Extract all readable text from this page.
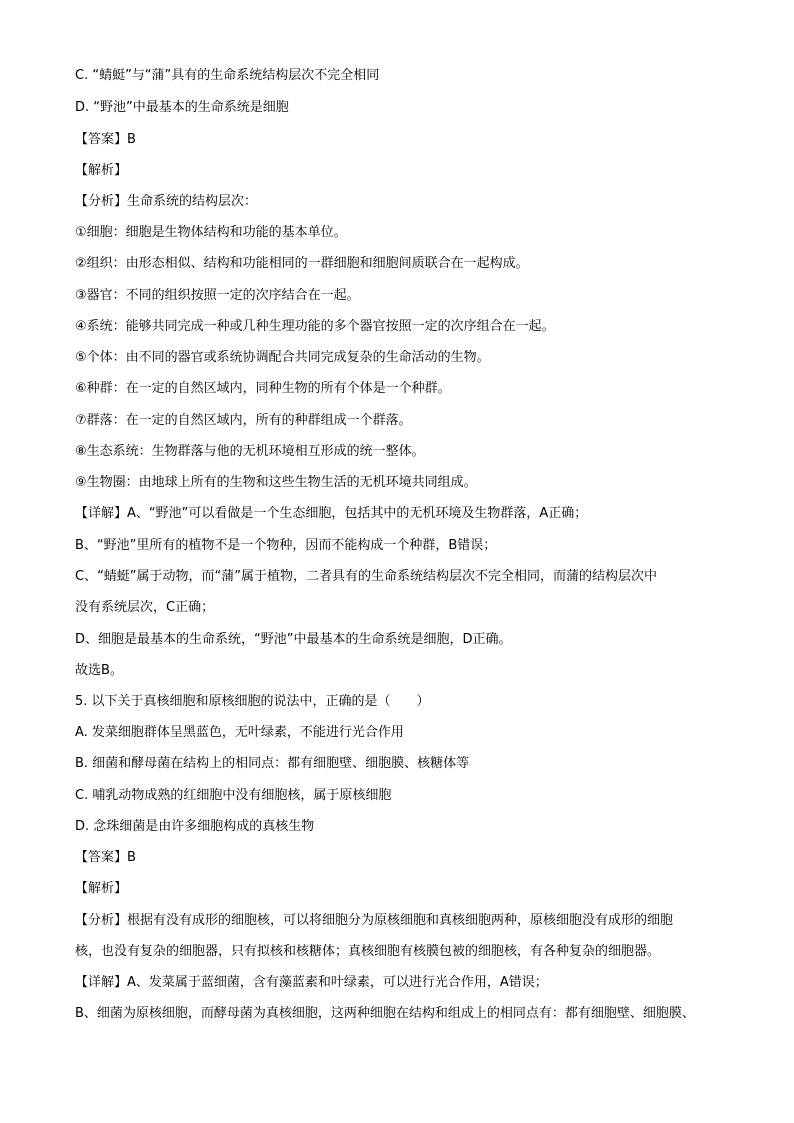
C. “蜻蜓”与“蒲”具有的生命系统结构层次不完全相同
D. “野池”中最基本的生命系统是细胞
【答案】B
【解析】
【分析】生命系统的结构层次：
①细胞：细胞是生物体结构和功能的基本单位。
②组织：由形态相似、结构和功能相同的一群细胞和细胞间质联合在一起构成。
③器官：不同的组织按照一定的次序结合在一起。
④系统：能够共同完成一种或几种生理功能的多个器官按照一定的次序组合在一起。
⑤个体：由不同的器官或系统协调配合共同完成复杂的生命活动的生物。
⑥种群：在一定的自然区域内，同种生物的所有个体是一个种群。
⑦群落：在一定的自然区域内，所有的种群组成一个群落。
⑧生态系统：生物群落与他的无机环境相互形成的统一整体。
⑨生物圈：由地球上所有的生物和这些生物生活的无机环境共同组成。
【详解】A、“野池”可以看做是一个生态细胞，包括其中的无机环境及生物群落，A正确；
B、“野池”里所有的植物不是一个物种，因而不能构成一个种群，B错误；
C、“蜻蜓”属于动物，而“蒲”属于植物，二者具有的生命系统结构层次不完全相同，而蒲的结构层次中
没有系统层次，C正确；
D、细胞是最基本的生命系统，“野池”中最基本的生命系统是细胞，D正确。
故选B。
5. 以下关于真核细胞和原核细胞的说法中，正确的是（　　）
A. 发菜细胞群体呈黑蓝色，无叶绿素，不能进行光合作用
B. 细菌和酵母菌在结构上的相同点：都有细胞壁、细胞膜、核糖体等
C. 哺乳动物成熟的红细胞中没有细胞核，属于原核细胞
D. 念珠细菌是由许多细胞构成的真核生物
【答案】B
【解析】
【分析】根据有没有成形的细胞核，可以将细胞分为原核细胞和真核细胞两种，原核细胞没有成形的细胞
核，也没有复杂的细胞器，只有拟核和核糖体；真核细胞有核膜包被的细胞核，有各种复杂的细胞器。
【详解】A、发菜属于蓝细菌，含有藻蓝素和叶绿素，可以进行光合作用，A错误；
B、细菌为原核细胞，而酵母菌为真核细胞，这两种细胞在结构和组成上的相同点有：都有细胞壁、细胞膜、
